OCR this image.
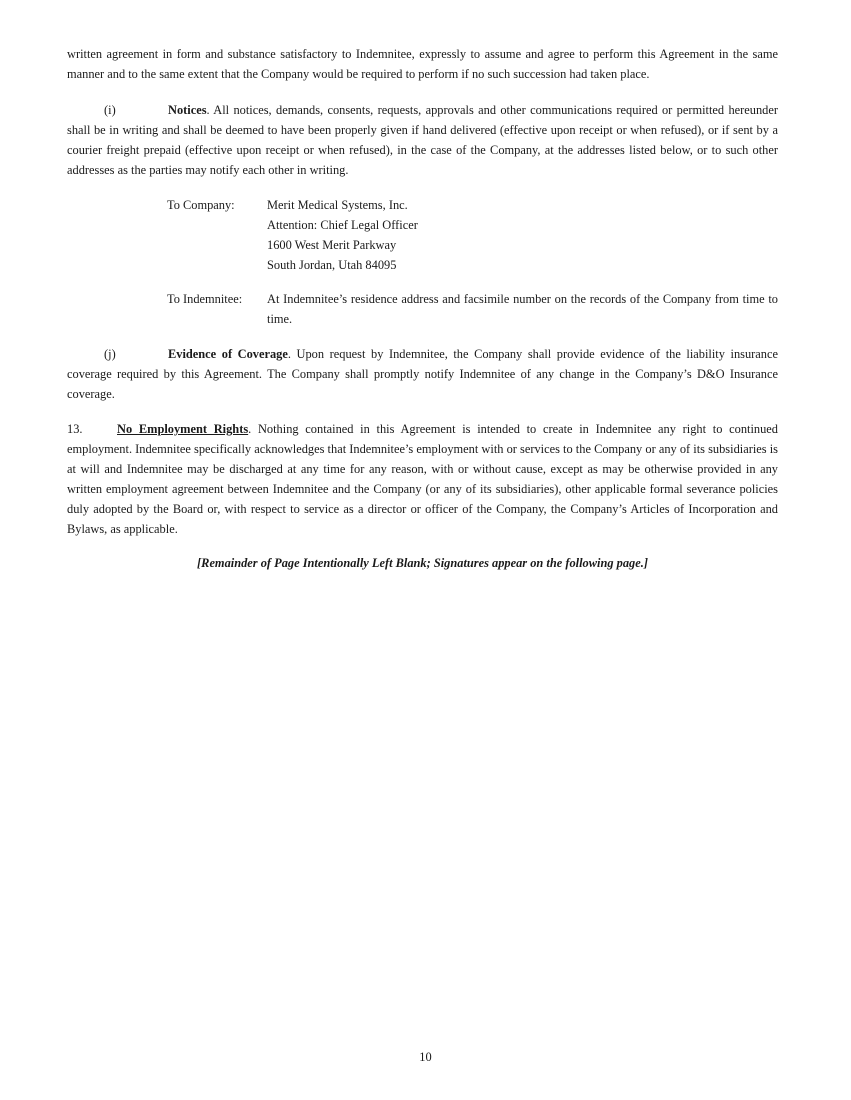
written agreement in form and substance satisfactory to Indemnitee, expressly to assume and agree to perform this Agreement in the same manner and to the same extent that the Company would be required to perform if no such succession had taken place.

(i)	Notices. All notices, demands, consents, requests, approvals and other communications required or permitted hereunder shall be in writing and shall be deemed to have been properly given if hand delivered (effective upon receipt or when refused), or if sent by a courier freight prepaid (effective upon receipt or when refused), in the case of the Company, at the addresses listed below, or to such other addresses as the parties may notify each other in writing.

To Company:	Merit Medical Systems, Inc.
Attention: Chief Legal Officer
1600 West Merit Parkway
South Jordan, Utah 84095
To Indemnitee:	At Indemnitee’s residence address and facsimile number on the records of the Company from time to time.

(j)	Evidence of Coverage. Upon request by Indemnitee, the Company shall provide evidence of the liability insurance coverage required by this Agreement. The Company shall promptly notify Indemnitee of any change in the Company’s D&O Insurance coverage.

13.	No Employment Rights. Nothing contained in this Agreement is intended to create in Indemnitee any right to continued employment. Indemnitee specifically acknowledges that Indemnitee’s employment with or services to the Company or any of its subsidiaries is at will and Indemnitee may be discharged at any time for any reason, with or without cause, except as may be otherwise provided in any written employment agreement between Indemnitee and the Company (or any of its subsidiaries), other applicable formal severance policies duly adopted by the Board or, with respect to service as a director or officer of the Company, the Company’s Articles of Incorporation and Bylaws, as applicable.

[Remainder of Page Intentionally Left Blank; Signatures appear on the following page.]

10
